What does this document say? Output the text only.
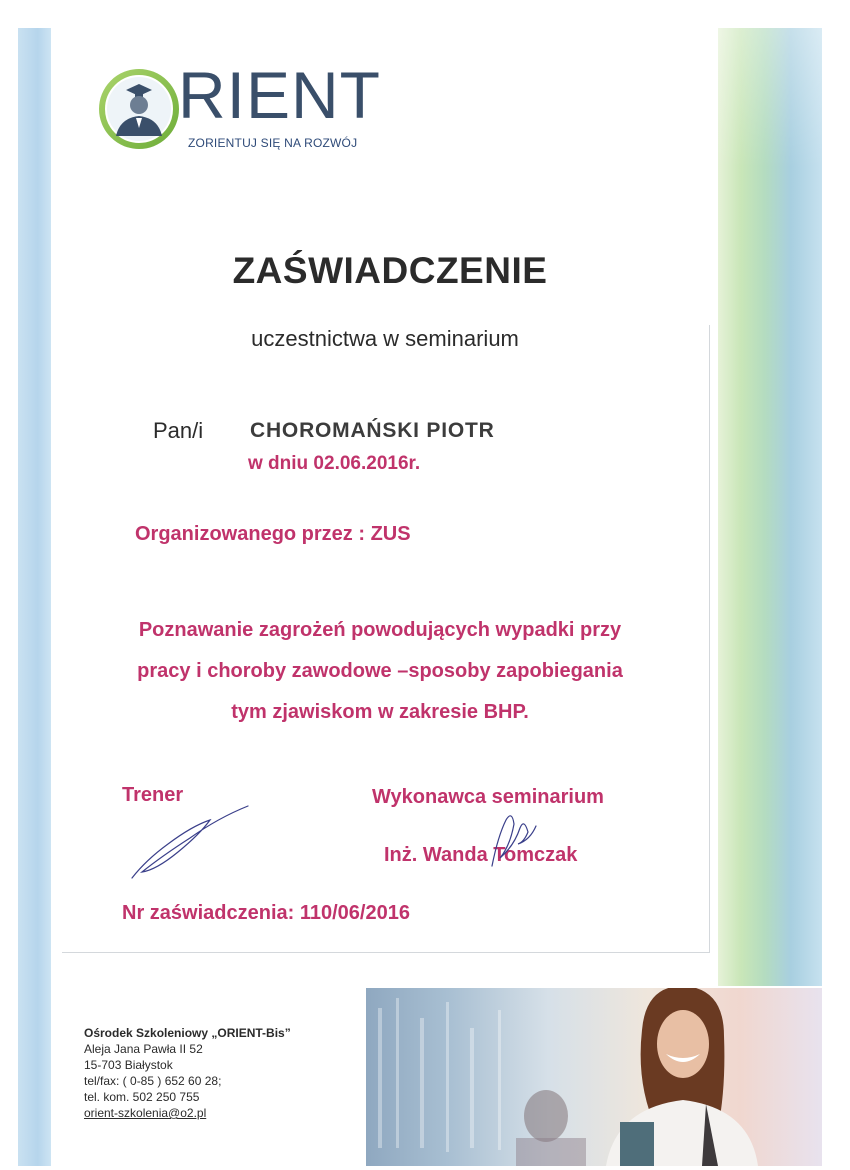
RIENT
ZORIENTUJ SIĘ NA ROZWÓJ
ZAŚWIADCZENIE
uczestnictwa w seminarium
Pan/i CHOROMAŃSKI PIOTR
w dniu 02.06.2016r.
Organizowanego przez : ZUS
Poznawanie zagrożeń powodujących wypadki przy
pracy i choroby zawodowe –sposoby zapobiegania
tym zjawiskom w zakresie BHP.
Trener	Wykonawca seminarium
Inż. Wanda Tomczak
Nr zaświadczenia: 110/06/2016
Ośrodek Szkoleniowy „ORIENT-Bis”
Aleja Jana Pawła II 52
15-703 Białystok
tel/fax: ( 0-85 ) 652 60 28;
tel. kom. 502 250 755
orient-szkolenia@o2.pl
